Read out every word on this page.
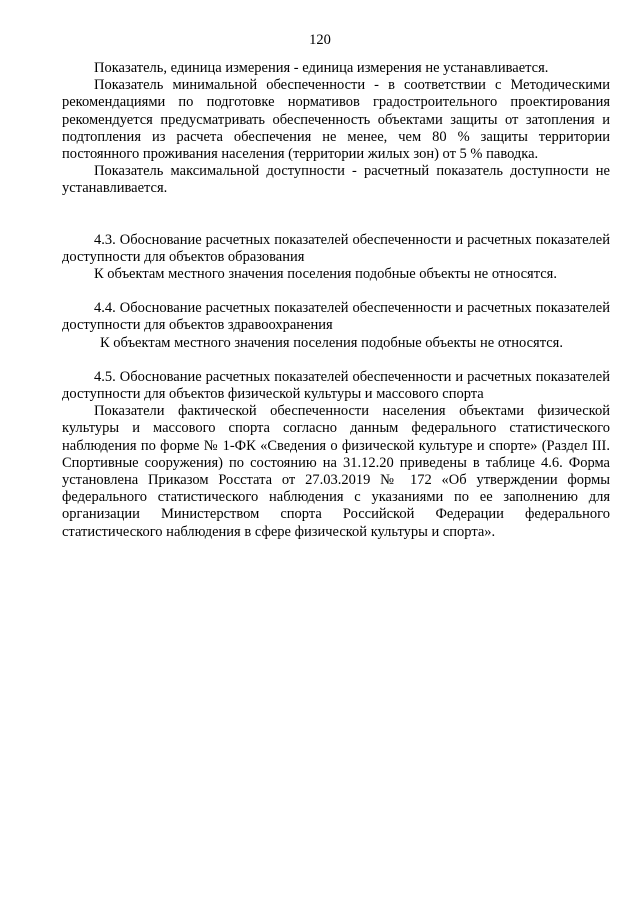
120

Показатель, единица измерения - единица измерения не устанавливается.

Показатель минимальной обеспеченности - в соответствии с Методическими рекомендациями по подготовке нормативов градостроительного проектирования рекомендуется предусматривать обеспеченность объектами защиты от затопления и подтопления из расчета обеспечения не менее, чем 80 % защиты территории постоянного проживания населения (территории жилых зон) от 5 % паводка.

Показатель максимальной доступности - расчетный показатель доступности не устанавливается.

4.3. Обоснование расчетных показателей обеспеченности и расчетных показателей доступности для объектов образования

К объектам местного значения поселения подобные объекты не относятся.

4.4. Обоснование расчетных показателей обеспеченности и расчетных показателей доступности для объектов здравоохранения

К объектам местного значения поселения подобные объекты не относятся.

4.5. Обоснование расчетных показателей обеспеченности и расчетных показателей доступности для объектов физической культуры и массового спорта

Показатели фактической обеспеченности населения объектами физической культуры и массового спорта согласно данным федерального статистического наблюдения по форме № 1-ФК «Сведения о физической культуре и спорте» (Раздел III. Спортивные сооружения) по состоянию на 31.12.20 приведены в таблице 4.6. Форма установлена Приказом Росстата от 27.03.2019 № 172 «Об утверждении формы федерального статистического наблюдения с указаниями по ее заполнению для организации Министерством спорта Российской Федерации федерального статистического наблюдения в сфере физической культуры и спорта».
